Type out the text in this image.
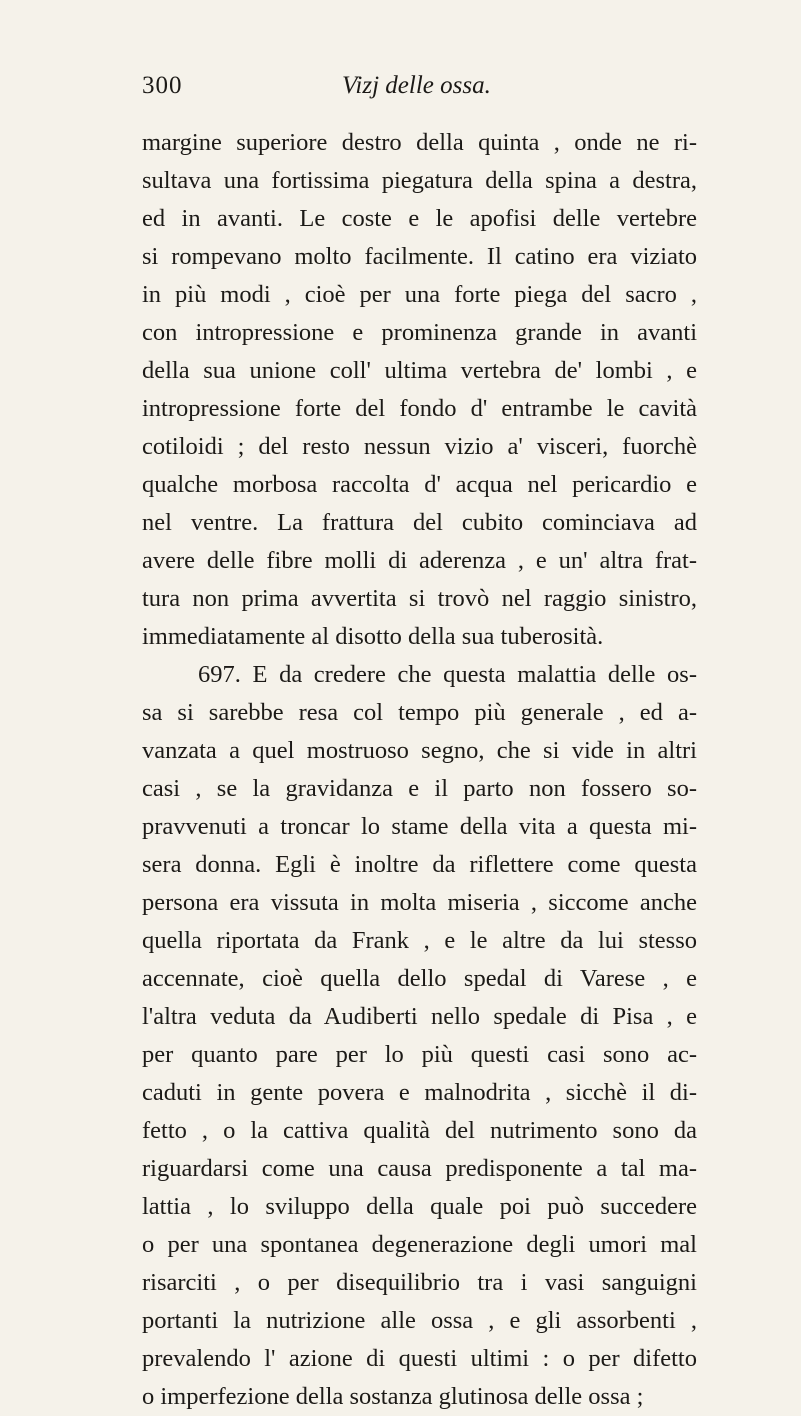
300	Vizj delle ossa.
margine superiore destro della quinta , onde ne ri-
sultava una fortissima piegatura della spina a destra,
ed in avanti. Le coste e le apofisi delle vertebre
si rompevano molto facilmente. Il catino era viziato
in più modi , cioè per una forte piega del sacro ,
con intropressione e prominenza grande in avanti
della sua unione coll' ultima vertebra de' lombi , e
intropressione forte del fondo d' entrambe le cavità
cotiloidi ; del resto nessun vizio a' visceri, fuorchè
qualche morbosa raccolta d' acqua nel pericardio e
nel ventre. La frattura del cubito cominciava ad
avere delle fibre molli di aderenza , e un' altra frat-
tura non prima avvertita si trovò nel raggio sinistro,
immediatamente al disotto della sua tuberosità.
697. E da credere che questa malattia delle os-
sa si sarebbe resa col tempo più generale , ed a-
vanzata a quel mostruoso segno, che si vide in altri
casi , se la gravidanza e il parto non fossero so-
pravvenuti a troncar lo stame della vita a questa mi-
sera donna. Egli è inoltre da riflettere come questa
persona era vissuta in molta miseria , siccome anche
quella riportata da Frank , e le altre da lui stesso
accennate, cioè quella dello spedal di Varese , e
l'altra veduta da Audiberti nello spedale di Pisa , e
per quanto pare per lo più questi casi sono ac-
caduti in gente povera e malnodrita , sicchè il di-
fetto , o la cattiva qualità del nutrimento sono da
riguardarsi come una causa predisponente a tal ma-
lattia , lo sviluppo della quale poi può succedere
o per una spontanea degenerazione degli umori mal
risarciti , o per disequilibrio tra i vasi sanguigni
portanti la nutrizione alle ossa , e gli assorbenti ,
prevalendo l' azione di questi ultimi : o per difetto
o imperfezione della sostanza glutinosa delle ossa ;
